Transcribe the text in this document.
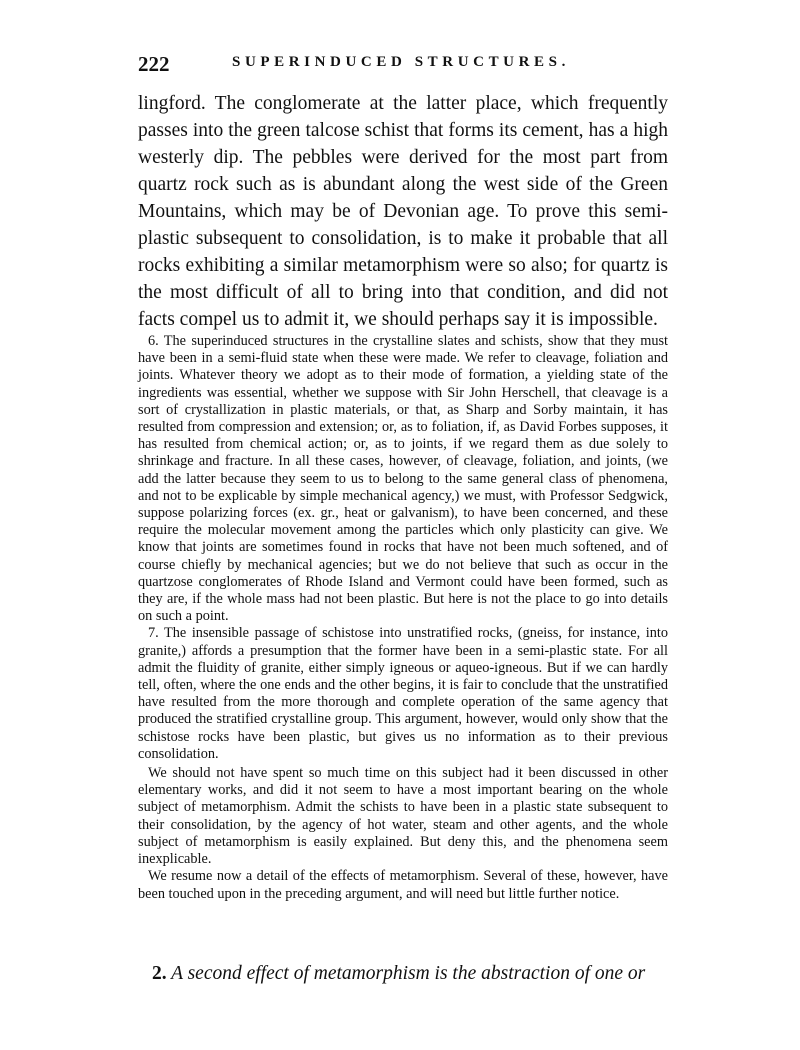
222	SUPERINDUCED STRUCTURES.

lingford. The conglomerate at the latter place, which frequently passes into the green talcose schist that forms its cement, has a high westerly dip. The pebbles were derived for the most part from quartz rock such as is abundant along the west side of the Green Mountains, which may be of Devonian age. To prove this semi-plastic subsequent to consolidation, is to make it probable that all rocks exhibiting a similar metamorphism were so also; for quartz is the most difficult of all to bring into that condition, and did not facts compel us to admit it, we should perhaps say it is impossible.

6. The superinduced structures in the crystalline slates and schists, show that they must have been in a semi-fluid state when these were made. We refer to cleavage, foliation and joints. Whatever theory we adopt as to their mode of formation, a yielding state of the ingredients was essential, whether we suppose with Sir John Herschell, that cleavage is a sort of crystallization in plastic materials, or that, as Sharp and Sorby maintain, it has resulted from compression and extension; or, as to foliation, if, as David Forbes supposes, it has resulted from chemical action; or, as to joints, if we regard them as due solely to shrinkage and fracture. In all these cases, however, of cleavage, foliation, and joints, (we add the latter because they seem to us to belong to the same general class of phenomena, and not to be explicable by simple mechanical agency,) we must, with Professor Sedgwick, suppose polarizing forces (ex. gr., heat or galvanism), to have been concerned, and these require the molecular movement among the particles which only plasticity can give. We know that joints are sometimes found in rocks that have not been much softened, and of course chiefly by mechanical agencies; but we do not believe that such as occur in the quartzose conglomerates of Rhode Island and Vermont could have been formed, such as they are, if the whole mass had not been plastic. But here is not the place to go into details on such a point.

7. The insensible passage of schistose into unstratified rocks, (gneiss, for instance, into granite,) affords a presumption that the former have been in a semi-plastic state. For all admit the fluidity of granite, either simply igneous or aqueo-igneous. But if we can hardly tell, often, where the one ends and the other begins, it is fair to conclude that the unstratified have resulted from the more thorough and complete operation of the same agency that produced the stratified crystalline group. This argument, however, would only show that the schistose rocks have been plastic, but gives us no information as to their previous consolidation.

We should not have spent so much time on this subject had it been discussed in other elementary works, and did it not seem to have a most important bearing on the whole subject of metamorphism. Admit the schists to have been in a plastic state subsequent to their consolidation, by the agency of hot water, steam and other agents, and the whole subject of metamorphism is easily explained. But deny this, and the phenomena seem inexplicable.

We resume now a detail of the effects of metamorphism. Several of these, however, have been touched upon in the preceding argument, and will need but little further notice.

2. A second effect of metamorphism is the abstraction of one or
